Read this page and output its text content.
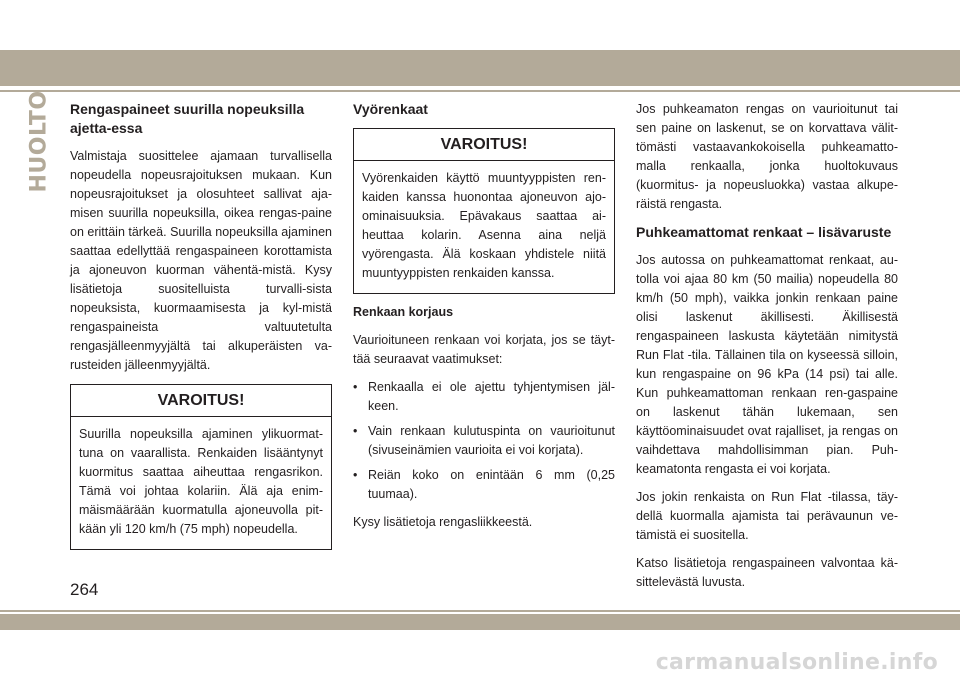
HUOLTO Rengaspaineet suurilla nopeuksilla ajetta-essa

Valmistaja suosittelee ajamaan turvallisella nopeudella nopeusrajoituksen mukaan. Kun nopeusrajoitukset ja olosuhteet sallivat aja-misen suurilla nopeuksilla, oikea rengas-paine on erittäin tärkeä. Suurilla nopeuksilla ajaminen saattaa edellyttää rengaspaineen korottamista ja ajoneuvon kuorman vähentä-mistä. Kysy lisätietoja suositelluista turvalli-sista nopeuksista, kuormaamisesta ja kyl-mistä rengaspaineista valtuutetulta rengasjälleenmyyjältä tai alkuperäisten va-rusteiden jälleenmyyjältä.

VAROITUS!
Suurilla nopeuksilla ajaminen ylikuormat-tuna on vaarallista. Renkaiden lisääntynyt kuormitus saattaa aiheuttaa rengasrikon. Tämä voi johtaa kolariin. Älä aja enim-mäismäärään kuormatulla ajoneuvolla pit-kään yli 120 km/h (75 mph) nopeudella.
Vyörenkaat
VAROITUS!
Vyörenkaiden käyttö muuntyyppisten ren-kaiden kanssa huonontaa ajoneuvon ajo-ominaisuuksia. Epävakaus saattaa ai-heuttaa kolarin. Asenna aina neljä vyörengasta. Älä koskaan yhdistele niitä muuntyyppisten renkaiden kanssa.
Renkaan korjaus

Vaurioituneen renkaan voi korjata, jos se täyt-tää seuraavat vaatimukset:

• Renkaalla ei ole ajettu tyhjentymisen jäl-keen.
• Vain renkaan kulutuspinta on vaurioitunut (sivuseinämien vaurioita ei voi korjata).
• Reiän koko on enintään 6 mm (0,25 tuumaa).

Kysy lisätietoja rengasliikkeestä.

Jos puhkeamaton rengas on vaurioitunut tai sen paine on laskenut, se on korvattava välit-tömästi vastaavankokoisella puhkeamatto-malla renkaalla, jonka huoltokuvaus (kuormitus- ja nopeusluokka) vastaa alkupe-räistä rengasta.

Puhkeamattomat renkaat – lisävaruste

Jos autossa on puhkeamattomat renkaat, au-tolla voi ajaa 80 km (50 mailia) nopeudella 80 km/h (50 mph), vaikka jonkin renkaan paine olisi laskenut äkillisesti. Äkillisestä rengaspaineen laskusta käytetään nimitystä Run Flat -tila. Tällainen tila on kyseessä silloin, kun rengaspaine on 96 kPa (14 psi) tai alle. Kun puhkeamattoman renkaan ren-gaspaine on laskenut tähän lukemaan, sen käyttöominaisuudet ovat rajalliset, ja rengas on vaihdettava mahdollisimman pian. Puh-keamatonta rengasta ei voi korjata.

Jos jokin renkaista on Run Flat -tilassa, täy-dellä kuormalla ajamista tai perävaunun ve-tämistä ei suositella.

Katso lisätietoja rengaspaineen valvontaa kä-sittelevästä luvusta.

264
carmanualsonline.info
